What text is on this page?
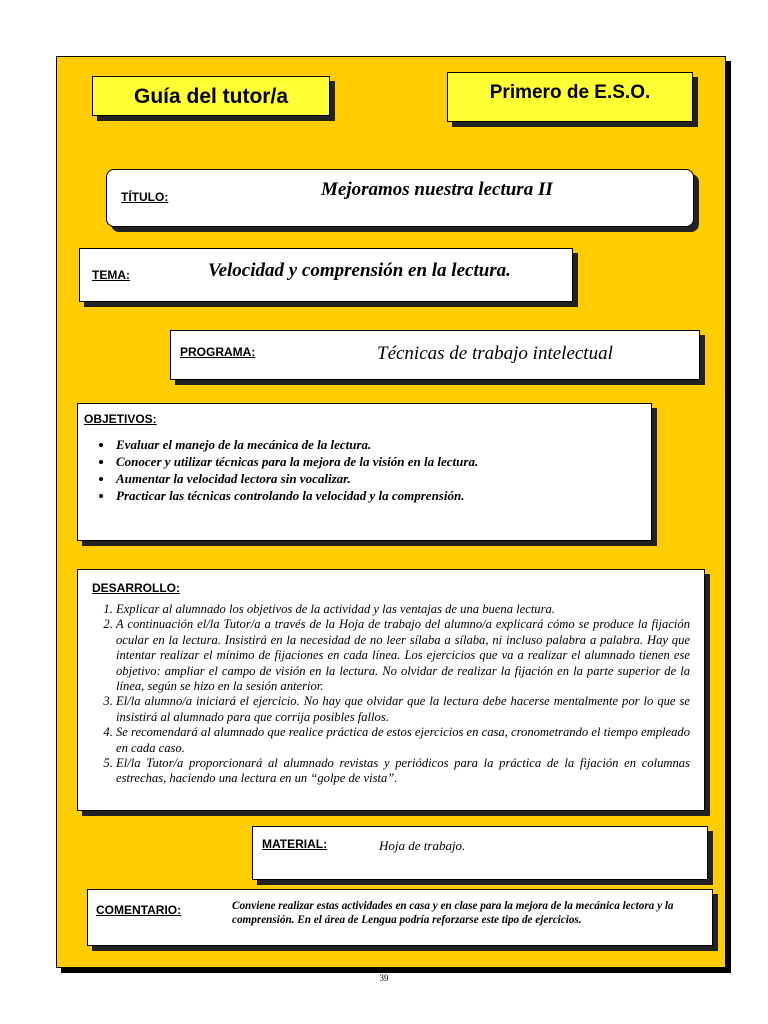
Guía del tutor/a	Primero de E.S.O.
TÍTULO:	Mejoramos nuestra lectura II
TEMA:	Velocidad y comprensión en la lectura.
PROGRAMA:	Técnicas de trabajo intelectual
OBJETIVOS:
• Evaluar el manejo de la mecánica de la lectura.
• Conocer y utilizar técnicas para la mejora de la visión en la lectura.
• Aumentar la velocidad lectora sin vocalizar.
• Practicar las técnicas controlando la velocidad y la comprensión.
DESARROLLO:
1. Explicar al alumnado los objetivos de la actividad y las ventajas de una buena lectura.
2. A continuación el/la Tutor/a a través de la Hoja de trabajo del alumno/a explicará cómo se produce la fijación ocular en la lectura. Insistirá en la necesidad de no leer sílaba a sílaba, ni incluso palabra a palabra. Hay que intentar realizar el mínimo de fijaciones en cada línea. Los ejercicios que va a realizar el alumnado tienen ese objetivo: ampliar el campo de visión en la lectura. No olvidar de realizar la fijación en la parte superior de la línea, según se hizo en la sesión anterior.
3. El/la alumno/a iniciará el ejercicio. No hay que olvidar que la lectura debe hacerse mentalmente por lo que se insistirá al alumnado para que corrija posibles fallos.
4. Se recomendará al alumnado que realice práctica de estos ejercicios en casa, cronometrando el tiempo empleado en cada caso.
5. El/la Tutor/a proporcionará al alumnado revistas y periódicos para la práctica de la fijación en columnas estrechas, haciendo una lectura en un “golpe de vista”.
MATERIAL:	Hoja de trabajo.
COMENTARIO:	Conviene realizar estas actividades en casa y en clase para la mejora de la mecánica lectora y la comprensión. En el área de Lengua podría reforzarse este tipo de ejercicios.
39
